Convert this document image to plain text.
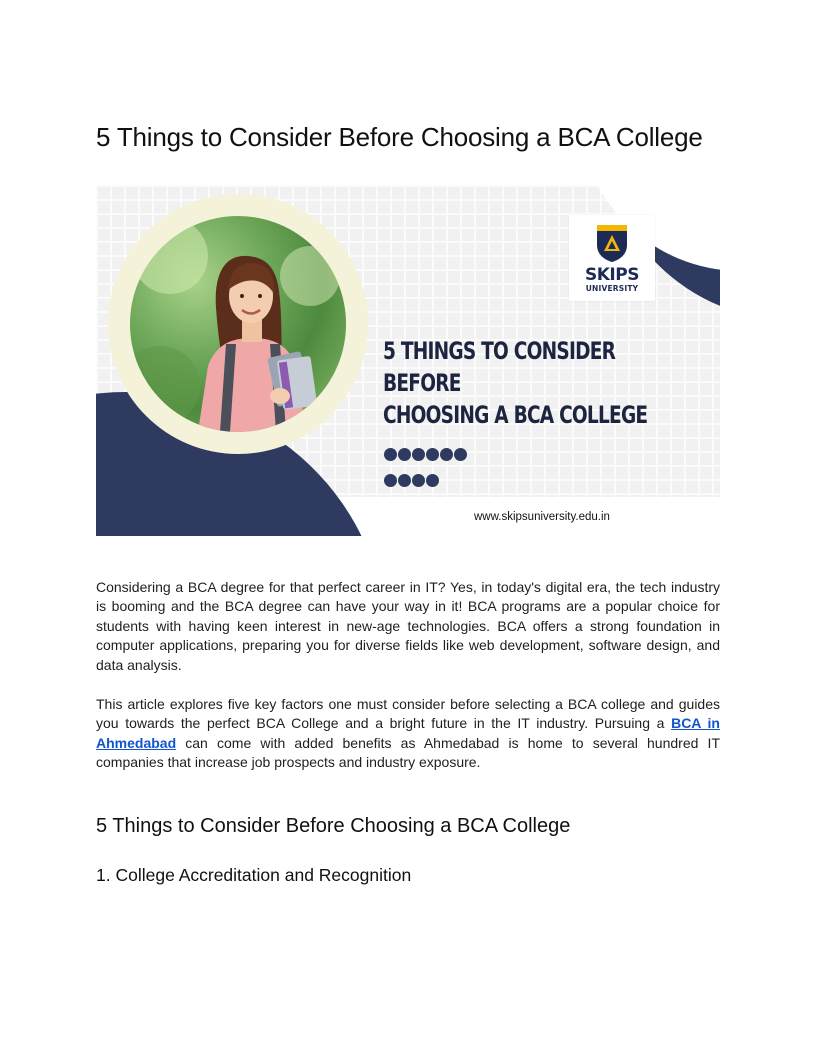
5 Things to Consider Before Choosing a BCA College
SKIPS
UNIVERSITY
5 THINGS TO CONSIDER BEFORE
CHOOSING A BCA COLLEGE
www.skipsuniversity.edu.in

Considering a BCA degree for that perfect career in IT? Yes, in today's digital era, the tech industry is booming and the BCA degree can have your way in it! BCA programs are a popular choice for students with having keen interest in new-age technologies. BCA offers a strong foundation in computer applications, preparing you for diverse fields like web development, software design, and data analysis.

This article explores five key factors one must consider before selecting a BCA college and guides you towards the perfect BCA College and a bright future in the IT industry. Pursuing a BCA in Ahmedabad can come with added benefits as Ahmedabad is home to several hundred IT companies that increase job prospects and industry exposure.

5 Things to Consider Before Choosing a BCA College
1. College Accreditation and Recognition
